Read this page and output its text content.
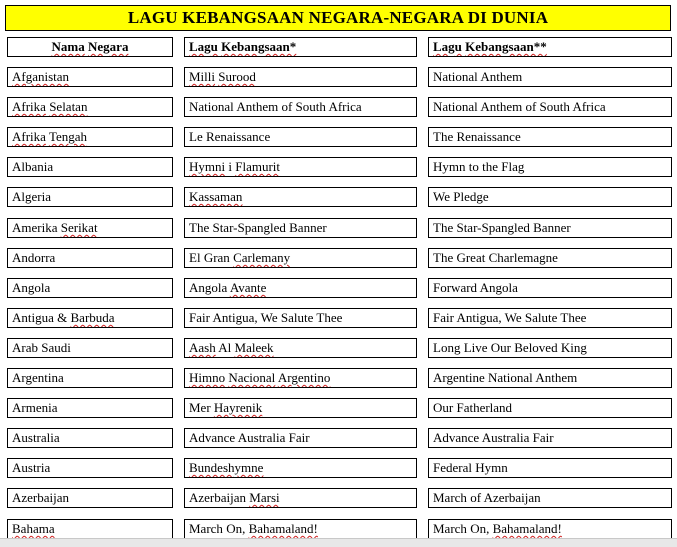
LAGU KEBANGSAAN NEGARA-NEGARA DI DUNIA
Nama Negara	Lagu Kebangsaan*	Lagu Kebangsaan**
Afganistan	Milli Surood	National Anthem
Afrika Selatan	National Anthem of South Africa	National Anthem of South Africa
Afrika Tengah	Le Renaissance	The Renaissance
Albania	Hymni i Flamurit	Hymn to the Flag
Algeria	Kassaman	We Pledge
Amerika Serikat	The Star-Spangled Banner	The Star-Spangled Banner
Andorra	El Gran Carlemany	The Great Charlemagne
Angola	Angola Avante	Forward Angola
Antigua & Barbuda	Fair Antigua, We Salute Thee	Fair Antigua, We Salute Thee
Arab Saudi	Aash Al Maleek	Long Live Our Beloved King
Argentina	Himno Nacional Argentino	Argentine National Anthem
Armenia	Mer Hayrenik	Our Fatherland
Australia	Advance Australia Fair	Advance Australia Fair
Austria	Bundeshymne	Federal Hymn
Azerbaijan	Azerbaijan Marsi	March of Azerbaijan
Bahama	March On, Bahamaland!	March On, Bahamaland!
